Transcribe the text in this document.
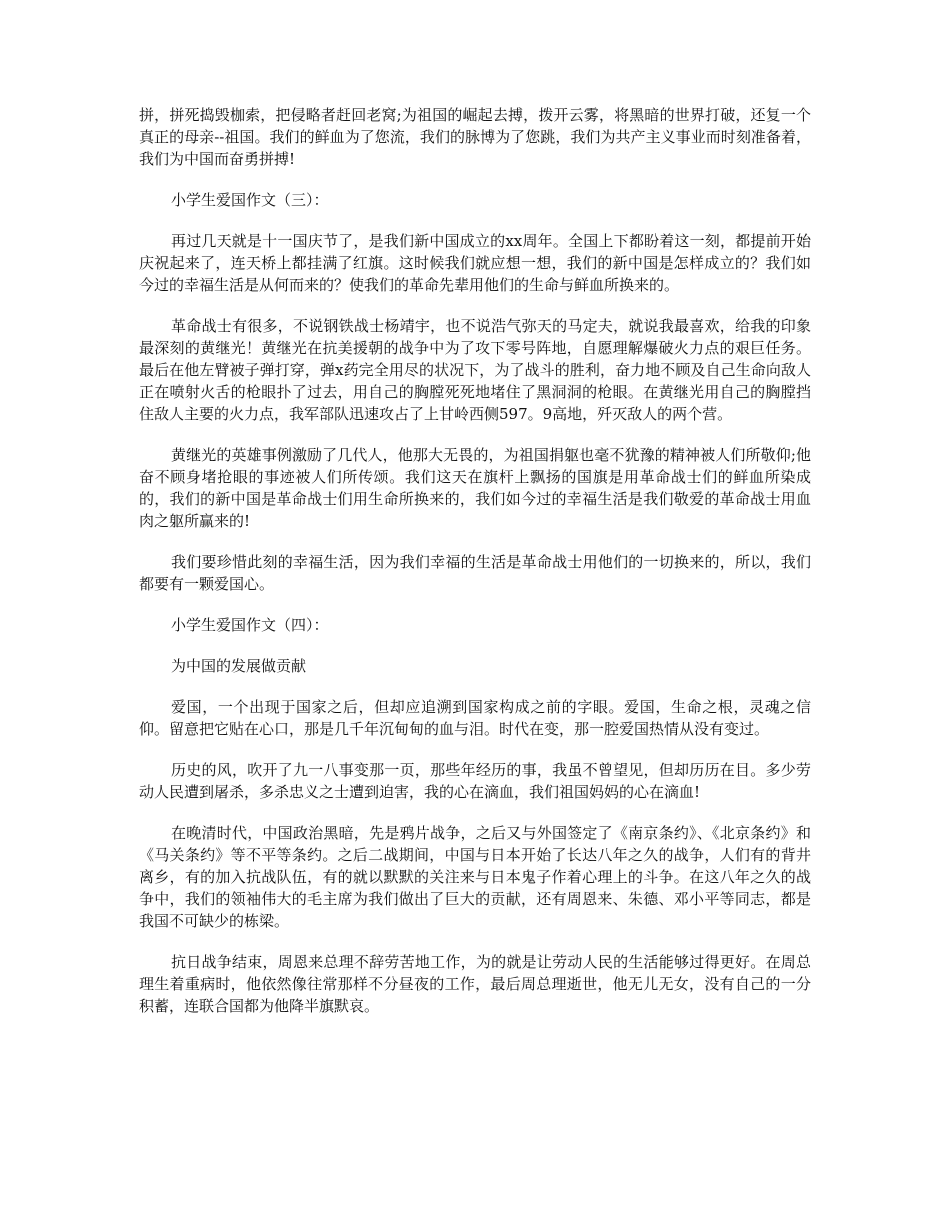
拼，拼死捣毁枷索，把侵略者赶回老窝;为祖国的崛起去搏，拨开云雾，将黑暗的世界打破，还复一个真正的母亲--祖国。我们的鲜血为了您流，我们的脉博为了您跳，我们为共产主义事业而时刻准备着，我们为中国而奋勇拼搏!

小学生爱国作文（三）：

再过几天就是十一国庆节了，是我们新中国成立的xx周年。全国上下都盼着这一刻，都提前开始庆祝起来了，连天桥上都挂满了红旗。这时候我们就应想一想，我们的新中国是怎样成立的？我们如今过的幸福生活是从何而来的？使我们的革命先辈用他们的生命与鲜血所换来的。

革命战士有很多，不说钢铁战士杨靖宇，也不说浩气弥天的马定夫，就说我最喜欢，给我的印象最深刻的黄继光！黄继光在抗美援朝的战争中为了攻下零号阵地，自愿理解爆破火力点的艰巨任务。最后在他左臂被子弹打穿，弹x药完全用尽的状况下，为了战斗的胜利，奋力地不顾及自己生命向敌人正在喷射火舌的枪眼扑了过去，用自己的胸膛死死地堵住了黑洞洞的枪眼。在黄继光用自己的胸膛挡住敌人主要的火力点，我军部队迅速攻占了上甘岭西侧597。9高地，歼灭敌人的两个营。

黄继光的英雄事例激励了几代人，他那大无畏的，为祖国捐躯也毫不犹豫的精神被人们所敬仰;他奋不顾身堵抢眼的事迹被人们所传颂。我们这天在旗杆上飘扬的国旗是用革命战士们的鲜血所染成的，我们的新中国是革命战士们用生命所换来的，我们如今过的幸福生活是我们敬爱的革命战士用血肉之躯所赢来的!

我们要珍惜此刻的幸福生活，因为我们幸福的生活是革命战士用他们的一切换来的，所以，我们都要有一颗爱国心。

小学生爱国作文（四）：

为中国的发展做贡献

爱国，一个出现于国家之后，但却应追溯到国家构成之前的字眼。爱国，生命之根，灵魂之信仰。留意把它贴在心口，那是几千年沉甸甸的血与泪。时代在变，那一腔爱国热情从没有变过。

历史的风，吹开了九一八事变那一页，那些年经历的事，我虽不曾望见，但却历历在目。多少劳动人民遭到屠杀，多杀忠义之士遭到迫害，我的心在滴血，我们祖国妈妈的心在滴血!

在晚清时代，中国政治黑暗，先是鸦片战争，之后又与外国签定了《南京条约》、《北京条约》和《马关条约》等不平等条约。之后二战期间，中国与日本开始了长达八年之久的战争，人们有的背井离乡，有的加入抗战队伍，有的就以默默的关注来与日本鬼子作着心理上的斗争。在这八年之久的战争中，我们的领袖伟大的毛主席为我们做出了巨大的贡献，还有周恩来、朱德、邓小平等同志，都是我国不可缺少的栋梁。

抗日战争结束，周恩来总理不辞劳苦地工作，为的就是让劳动人民的生活能够过得更好。在周总理生着重病时，他依然像往常那样不分昼夜的工作，最后周总理逝世，他无儿无女，没有自己的一分积蓄，连联合国都为他降半旗默哀。
